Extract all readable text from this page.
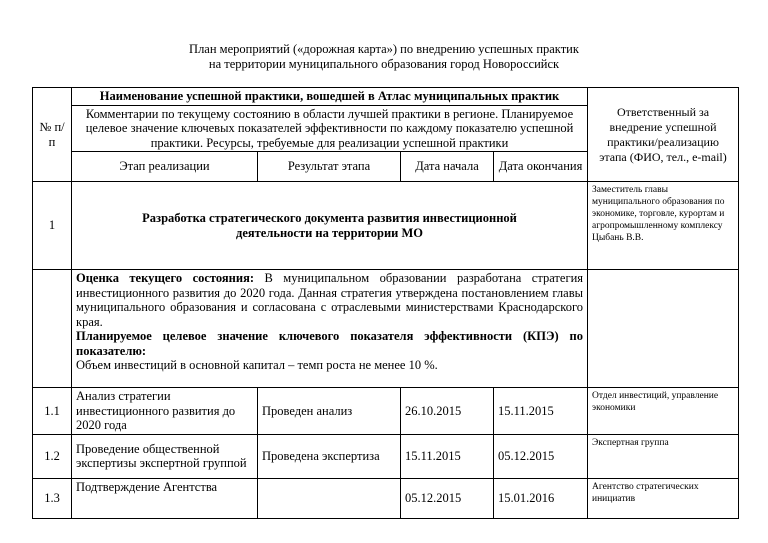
План мероприятий («дорожная карта») по внедрению успешных практик
на территории муниципального образования город Новороссийск
№ п/п	Наименование успешной практики, вошедшей в Атлас муниципальных практик				Ответственный за внедрение успешной практики/реализацию этапа (ФИО, тел., e-mail)
	Комментарии по текущему состоянию в области лучшей практики в регионе. Планируемое целевое значение ключевых показателей эффективности по каждому показателю успешной практики. Ресурсы, требуемые для реализации успешной практики				
	Этап реализации	Результат этапа	Дата начала	Дата окончания	
1	Разработка стратегического документа развития инвестиционной деятельности на территории МО				Заместитель главы муниципального образования по экономике, торговле, курортам и агропромышленному комплексу Цыбань В.В.
	Оценка текущего состояния: В муниципальном образовании разработана стратегия инвестиционного развития до 2020 года. Данная стратегия утверждена постановлением главы муниципального образования и согласована с отраслевыми министерствами Краснодарского края.
Планируемое целевое значение ключевого показателя эффективности (КПЭ) по показателю:
Объем инвестиций в основной капитал – темп роста не менее 10 %.				
1.1	Анализ стратегии инвестиционного развития до 2020 года	Проведен анализ	26.10.2015	15.11.2015	Отдел инвестиций, управление экономики
1.2	Проведение общественной экспертизы экспертной группой	Проведена экспертиза	15.11.2015	05.12.2015	Экспертная группа
1.3	Подтверждение Агентства		05.12.2015	15.01.2016	Агентство стратегических инициатив
